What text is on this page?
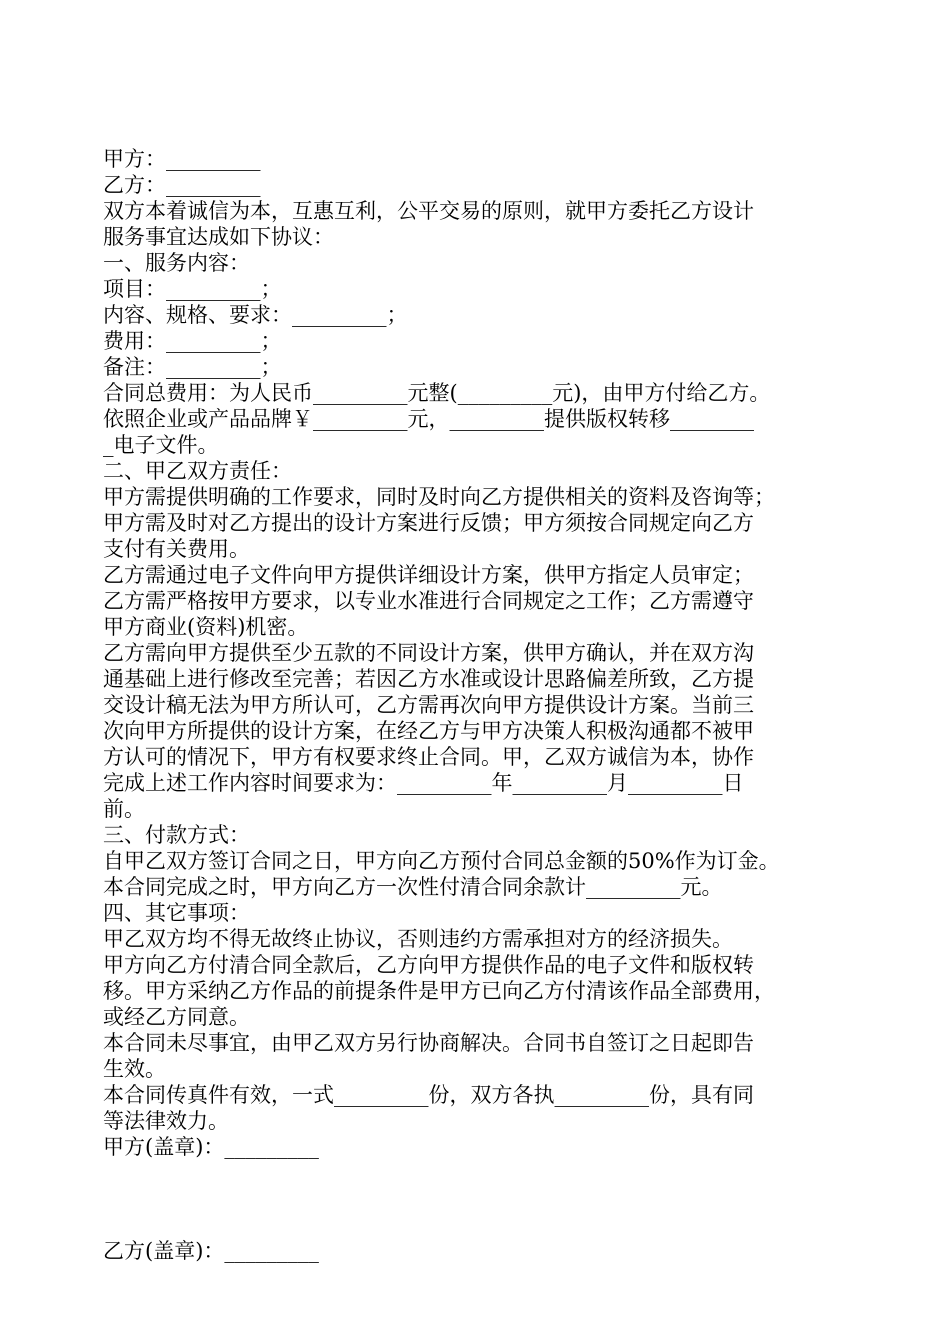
甲方：_________
乙方：_________
双方本着诚信为本，互惠互利，公平交易的原则，就甲方委托乙方设计
服务事宜达成如下协议：
一、服务内容：
项目：_________；
内容、规格、要求：_________；
费用：_________；
备注：_________；
合同总费用：为人民币_________元整(_________元)，由甲方付给乙方。
依照企业或产品品牌￥_________元，_________提供版权转移________
_电子文件。
二、甲乙双方责任：
甲方需提供明确的工作要求，同时及时向乙方提供相关的资料及咨询等；
甲方需及时对乙方提出的设计方案进行反馈；甲方须按合同规定向乙方
支付有关费用。
乙方需通过电子文件向甲方提供详细设计方案，供甲方指定人员审定；
乙方需严格按甲方要求，以专业水准进行合同规定之工作；乙方需遵守
甲方商业(资料)机密。
乙方需向甲方提供至少五款的不同设计方案，供甲方确认，并在双方沟
通基础上进行修改至完善；若因乙方水准或设计思路偏差所致，乙方提
交设计稿无法为甲方所认可，乙方需再次向甲方提供设计方案。当前三
次向甲方所提供的设计方案，在经乙方与甲方决策人积极沟通都不被甲
方认可的情况下，甲方有权要求终止合同。甲，乙双方诚信为本，协作
完成上述工作内容时间要求为：_________年_________月_________日
前。
三、付款方式：
自甲乙双方签订合同之日，甲方向乙方预付合同总金额的50%作为订金。
本合同完成之时，甲方向乙方一次性付清合同余款计_________元。
四、其它事项：
甲乙双方均不得无故终止协议，否则违约方需承担对方的经济损失。
甲方向乙方付清合同全款后，乙方向甲方提供作品的电子文件和版权转
移。甲方采纳乙方作品的前提条件是甲方已向乙方付清该作品全部费用，
或经乙方同意。
本合同未尽事宜，由甲乙双方另行协商解决。合同书自签订之日起即告
生效。
本合同传真件有效，一式_________份，双方各执_________份，具有同
等法律效力。
甲方(盖章)：_________
乙方(盖章)：_________
